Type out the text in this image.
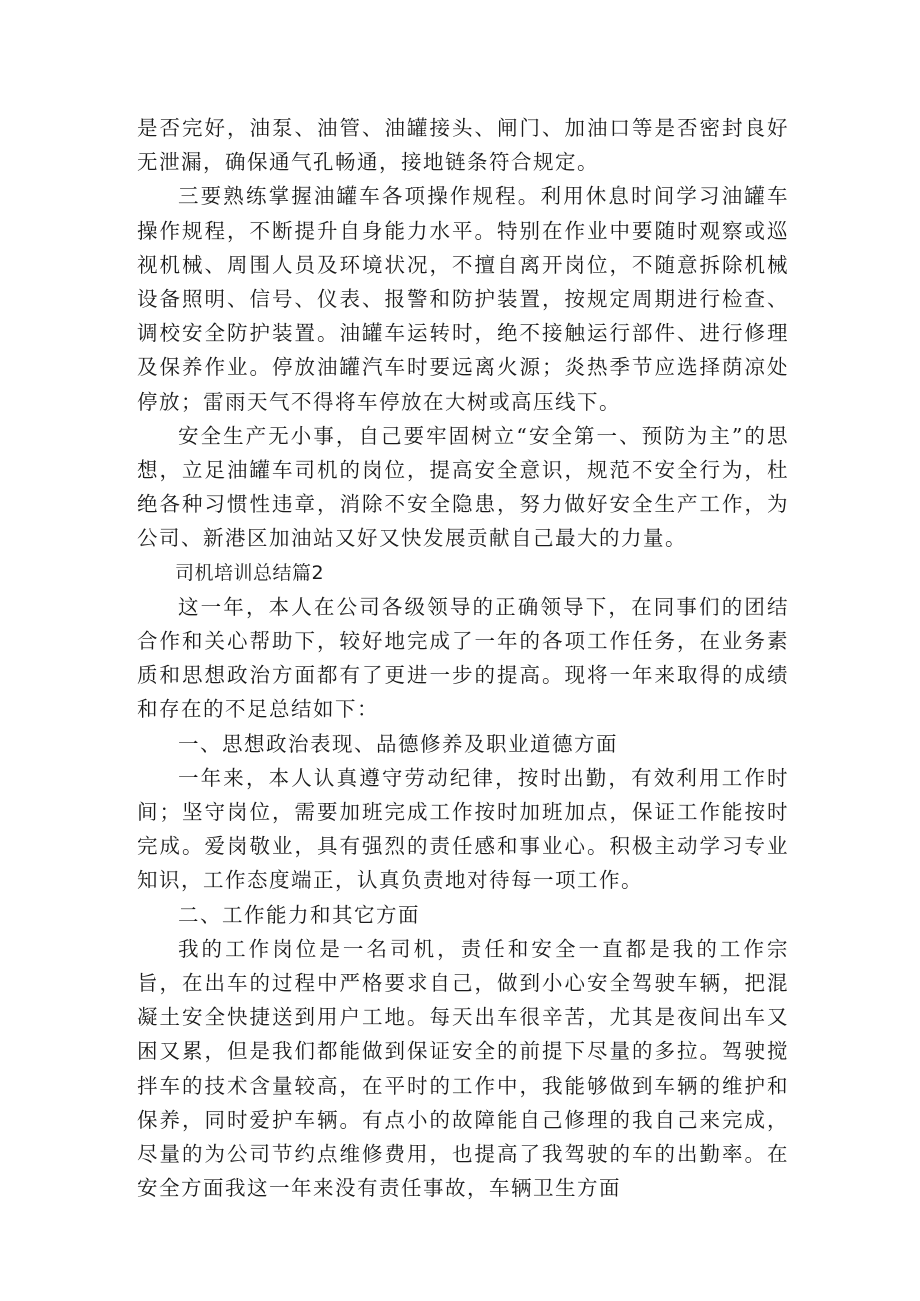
是否完好，油泵、油管、油罐接头、闸门、加油口等是否密封良好无泄漏，确保通气孔畅通，接地链条符合规定。

三要熟练掌握油罐车各项操作规程。利用休息时间学习油罐车操作规程，不断提升自身能力水平。特别在作业中要随时观察或巡视机械、周围人员及环境状况，不擅自离开岗位，不随意拆除机械设备照明、信号、仪表、报警和防护装置，按规定周期进行检查、调校安全防护装置。油罐车运转时，绝不接触运行部件、进行修理及保养作业。停放油罐汽车时要远离火源；炎热季节应选择荫凉处停放；雷雨天气不得将车停放在大树或高压线下。

安全生产无小事，自己要牢固树立“安全第一、预防为主”的思想，立足油罐车司机的岗位，提高安全意识，规范不安全行为，杜绝各种习惯性违章，消除不安全隐患，努力做好安全生产工作，为公司、新港区加油站又好又快发展贡献自己最大的力量。

司机培训总结篇2

这一年，本人在公司各级领导的正确领导下，在同事们的团结合作和关心帮助下，较好地完成了一年的各项工作任务，在业务素质和思想政治方面都有了更进一步的提高。现将一年来取得的成绩和存在的不足总结如下：

一、思想政治表现、品德修养及职业道德方面

一年来，本人认真遵守劳动纪律，按时出勤，有效利用工作时间；坚守岗位，需要加班完成工作按时加班加点，保证工作能按时完成。爱岗敬业，具有强烈的责任感和事业心。积极主动学习专业知识，工作态度端正，认真负责地对待每一项工作。

二、工作能力和其它方面

我的工作岗位是一名司机，责任和安全一直都是我的工作宗旨，在出车的过程中严格要求自己，做到小心安全驾驶车辆，把混凝土安全快捷送到用户工地。每天出车很辛苦，尤其是夜间出车又困又累，但是我们都能做到保证安全的前提下尽量的多拉。驾驶搅拌车的技术含量较高，在平时的工作中，我能够做到车辆的维护和保养，同时爱护车辆。有点小的故障能自己修理的我自己来完成，尽量的为公司节约点维修费用，也提高了我驾驶的车的出勤率。在安全方面我这一年来没有责任事故，车辆卫生方面
